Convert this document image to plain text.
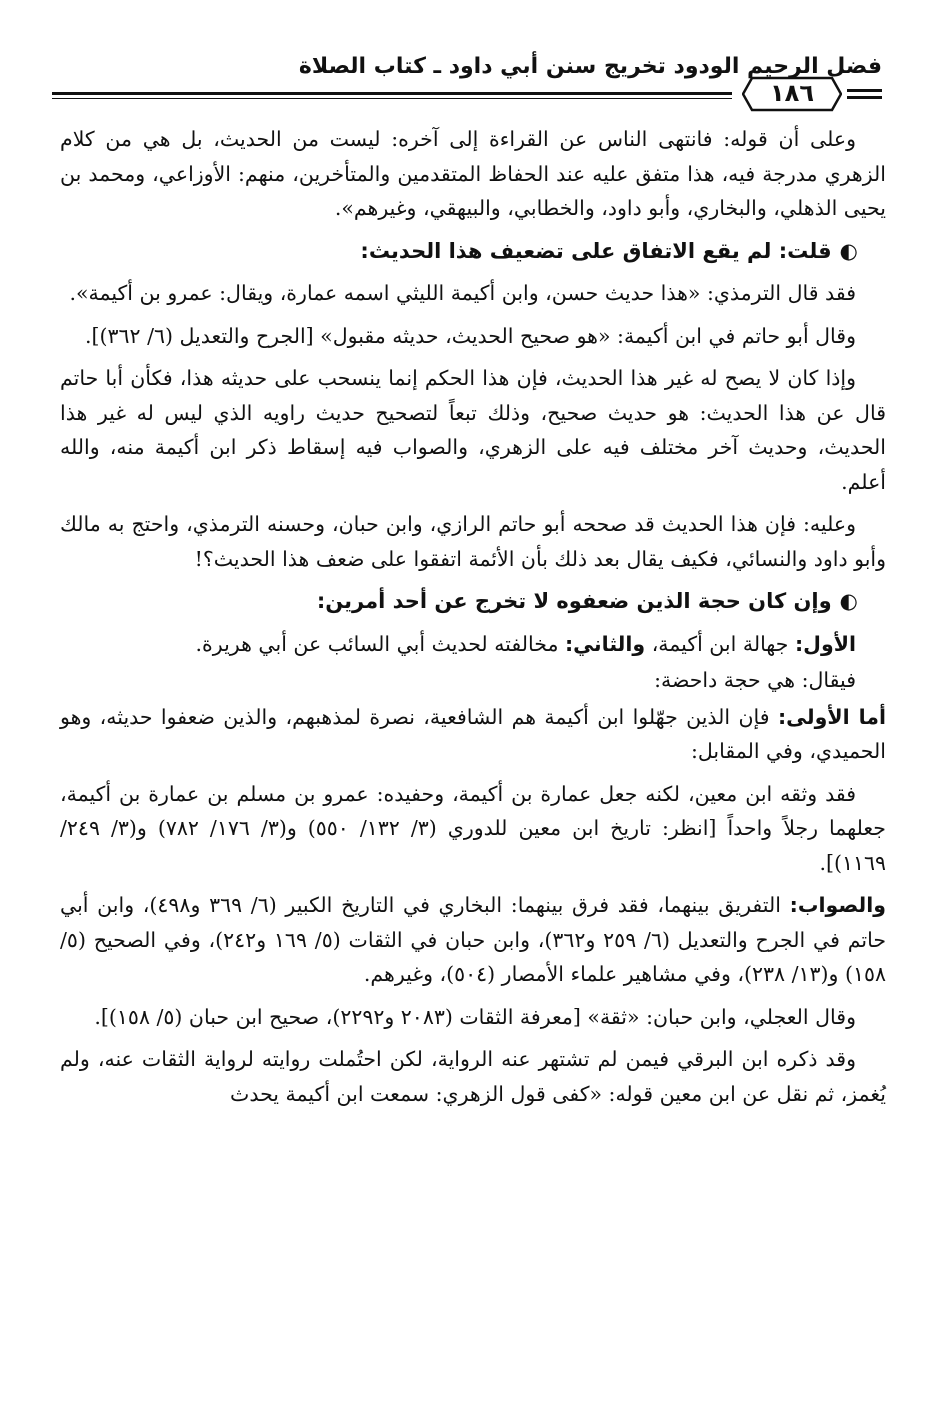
فضل الرحيم الودود تخريج سنن أبي داود ـ كتاب الصلاة
١٨٦

وعلى أن قوله: فانتهى الناس عن القراءة إلى آخره: ليست من الحديث، بل هي من كلام الزهري مدرجة فيه، هذا متفق عليه عند الحفاظ المتقدمين والمتأخرين، منهم: الأوزاعي، ومحمد بن يحيى الذهلي، والبخاري، وأبو داود، والخطابي، والبيهقي، وغيرهم».

◐قلت: لم يقع الاتفاق على تضعيف هذا الحديث:

فقد قال الترمذي: «هذا حديث حسن، وابن أكيمة الليثي اسمه عمارة، ويقال: عمرو بن أكيمة».

وقال أبو حاتم في ابن أكيمة: «هو صحيح الحديث، حديثه مقبول» [الجرح والتعديل (٦/ ٣٦٢)].

وإذا كان لا يصح له غير هذا الحديث، فإن هذا الحكم إنما ينسحب على حديثه هذا، فكأن أبا حاتم قال عن هذا الحديث: هو حديث صحيح، وذلك تبعاً لتصحيح حديث راويه الذي ليس له غير هذا الحديث، وحديث آخر مختلف فيه على الزهري، والصواب فيه إسقاط ذكر ابن أكيمة منه، والله أعلم.

وعليه: فإن هذا الحديث قد صححه أبو حاتم الرازي، وابن حبان، وحسنه الترمذي، واحتج به مالك وأبو داود والنسائي، فكيف يقال بعد ذلك بأن الأئمة اتفقوا على ضعف هذا الحديث؟!

◐وإن كان حجة الذين ضعفوه لا تخرج عن أحد أمرين:

الأول: جهالة ابن أكيمة، والثاني: مخالفته لحديث أبي السائب عن أبي هريرة.

فيقال: هي حجة داحضة:

أما الأولى: فإن الذين جهّلوا ابن أكيمة هم الشافعية، نصرة لمذهبهم، والذين ضعفوا حديثه، وهو الحميدي، وفي المقابل:

فقد وثقه ابن معين، لكنه جعل عمارة بن أكيمة، وحفيده: عمرو بن مسلم بن عمارة بن أكيمة، جعلهما رجلاً واحداً [انظر: تاريخ ابن معين للدوري (٣/ ١٣٢/ ٥٥٠) و(٣/ ١٧٦/ ٧٨٢) و(٣/ ٢٤٩/ ١١٦٩)].

والصواب: التفريق بينهما، فقد فرق بينهما: البخاري في التاريخ الكبير (٦/ ٣٦٩ و٤٩٨)، وابن أبي حاتم في الجرح والتعديل (٦/ ٢٥٩ و٣٦٢)، وابن حبان في الثقات (٥/ ١٦٩ و٢٤٢)، وفي الصحيح (٥/ ١٥٨) و(١٣/ ٢٣٨)، وفي مشاهير علماء الأمصار (٥٠٤)، وغيرهم.

وقال العجلي، وابن حبان: «ثقة» [معرفة الثقات (٢٠٨٣ و٢٢٩٢)، صحيح ابن حبان (٥/ ١٥٨)].

وقد ذكره ابن البرقي فيمن لم تشتهر عنه الرواية، لكن احتُملت روايته لرواية الثقات عنه، ولم يُغمز، ثم نقل عن ابن معين قوله: «كفى قول الزهري: سمعت ابن أكيمة يحدث
